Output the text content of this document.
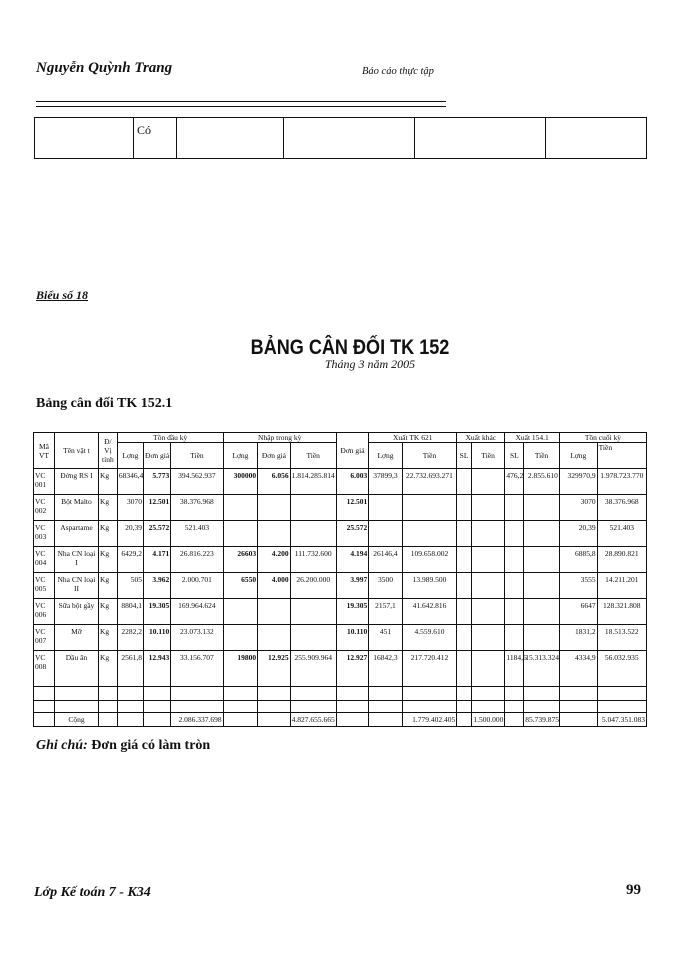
Nguyễn Quỳnh Trang	Báo cáo thực tập
	Có				
Biểu số 18
BẢNG CÂN ĐỐI TK 152
Tháng 3 năm 2005
Bảng cân đối TK 152.1
Mã VT	Tên vật t	Đ/ Vị tính	Tồn đầu kỳ			Nhập trong kỳ			Đơn giá	Xuất TK 621		Xuất khác		Xuất 154.1		Tồn cuối kỳ	
			Lợng	Đơn giá	Tiền	Lợng	Đơn giá	Tiền		Lợng	Tiền	SL	Tiền	SL	Tiền	Lợng	Tiền
VC 001	Đờng RS I	Kg	68346,4	5.773	394.562.937	300000	6.056	1.814.285.814	6.003	37899,3	22.732.693.271			476,2	2.855.610	329970,9	1.978.723.770
VC 002	Bột Malto	Kg	3070	12.501	38.376.968				12.501							3070	38.376.968
VC 003	Aspartame	Kg	20,39	25.572	521.403				25.572							20,39	521.403
VC 004	Nha CN loại I	Kg	6429,2	4.171	26.816.223	26603	4.200	111.732.600	4.194	26146,4	109.658.002					6885,8	28.890.821
VC 005	Nha CN loại II	Kg	505	3.962	2.000.701	6550	4.000	26.200.000	3.997	3500	13.989.500					3555	14.211.201
VC 006	Sữa bột gầy	Kg	8804,1	19.305	169.964.624				19.305	2157,1	41.642.816					6647	128.321.808
VC 007	Mỡ	Kg	2282,2	10.110	23.073.132				10.110	451	4.559.610					1831,2	18.513.522
VC 008	Dầu ăn	Kg	2561,8	12.943	33.156.707	19800	12.925	255.909.964	12.927	16842,3	217.720.412			1184,6	15.313.324	4334,9	56.032.935

	Cộng				2.086.337.698			4.827.655.665			1.779.402.405		1.500.000		85.739.875		5.047.351.083
Ghi chú: Đơn giá có làm tròn
Lớp Kế toán 7 - K34	99
